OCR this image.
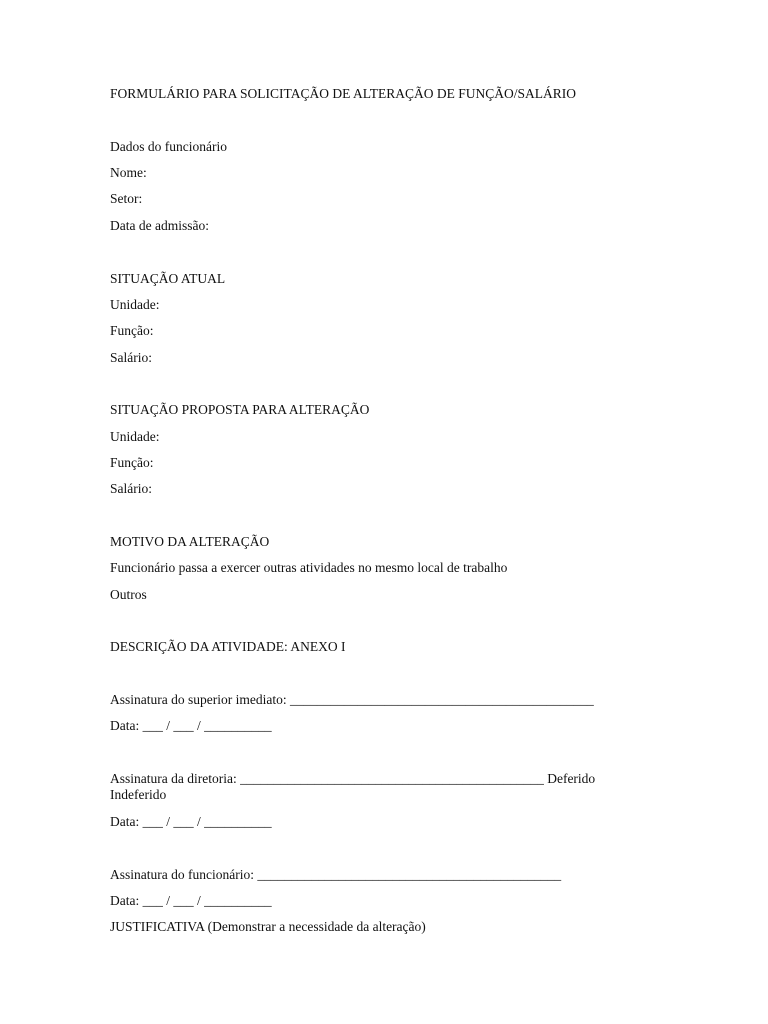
FORMULÁRIO PARA SOLICITAÇÃO DE ALTERAÇÃO DE FUNÇÃO/SALÁRIO
Dados do funcionário
Nome:
Setor:
Data de admissão:
SITUAÇÃO ATUAL
Unidade:
Função:
Salário:
SITUAÇÃO PROPOSTA PARA ALTERAÇÃO
Unidade:
Função:
Salário:
MOTIVO DA ALTERAÇÃO
Funcionário passa a exercer outras atividades no mesmo local de trabalho
Outros
DESCRIÇÃO DA ATIVIDADE: ANEXO I
Assinatura do superior imediato: _____________________________________________
Data: ___ / ___ / __________
Assinatura da diretoria: _____________________________________________ Deferido Indeferido
Data: ___ / ___ / __________
Assinatura do funcionário: _____________________________________________
Data: ___ / ___ / __________
JUSTIFICATIVA (Demonstrar a necessidade da alteração)
